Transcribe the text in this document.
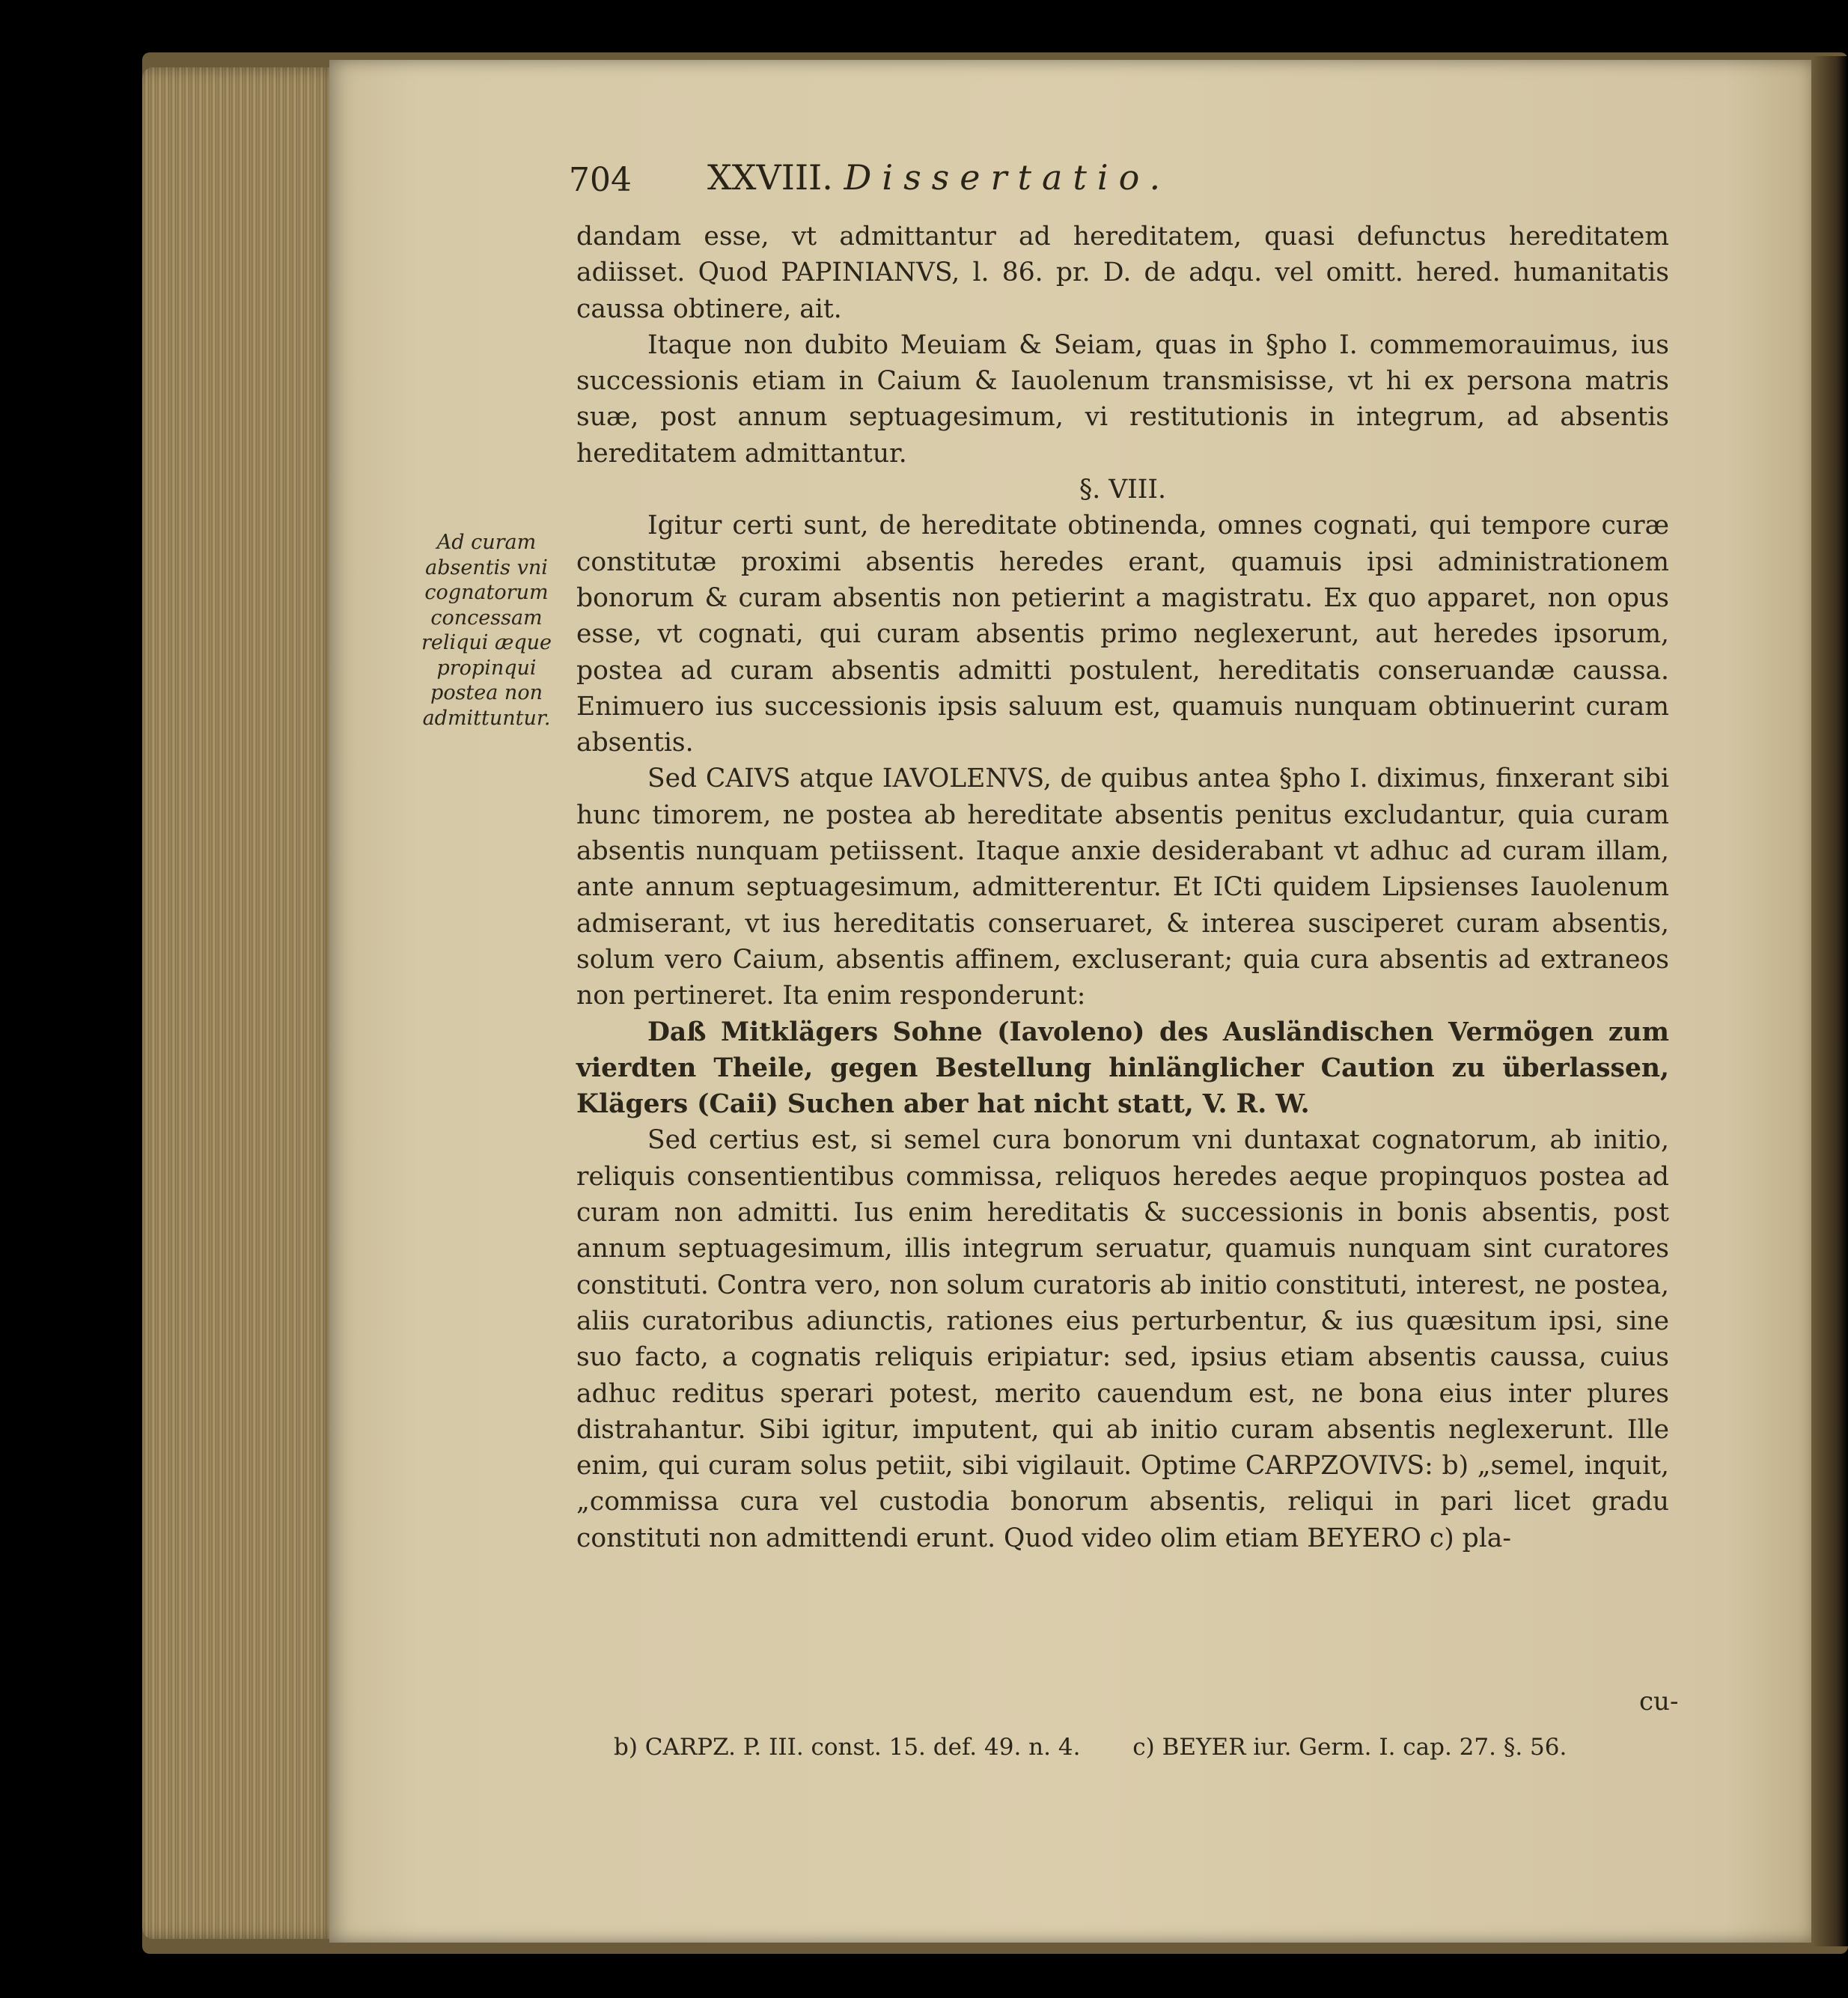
704 XXVIII. Dissertatio.

dandam esse, vt admittantur ad hereditatem, quasi defunctus hereditatem adiisset. Quod PAPINIANVS, l. 86. pr. D. de adqu. vel omitt. hered. humanitatis caussa obtinere, ait.

Itaque non dubito Meuiam & Seiam, quas in §pho I. commemorauimus, ius successionis etiam in Caium & Iauolenum transmisisse, vt hi ex persona matris suæ, post annum septuagesimum, vi restitutionis in integrum, ad absentis hereditatem admittantur.

§. VIII.

Igitur certi sunt, de hereditate obtinenda, omnes cognati, qui tempore curæ constitutæ proximi absentis heredes erant, quamuis ipsi administrationem bonorum & curam absentis non petierint a magistratu. Ex quo apparet, non opus esse, vt cognati, qui curam absentis primo neglexerunt, aut heredes ipsorum, postea ad curam absentis admitti postulent, hereditatis conseruandæ caussa. Enimuero ius successionis ipsis saluum est, quamuis nunquam obtinuerint curam absentis.

Sed CAIVS atque IAVOLENVS, de quibus antea §pho I. diximus, finxerant sibi hunc timorem, ne postea ab hereditate absentis penitus excludantur, quia curam absentis nunquam petiissent. Itaque anxie desiderabant vt adhuc ad curam illam, ante annum septuagesimum, admitterentur. Et ICti quidem Lipsienses Iauolenum admiserant, vt ius hereditatis conseruaret, & interea susciperet curam absentis, solum vero Caium, absentis affinem, excluserant; quia cura absentis ad extraneos non pertineret. Ita enim responderunt:

Daß Mitklägers Sohne (Iavoleno) des Ausländischen Vermögen zum vierdten Theile, gegen Bestellung hinlänglicher Caution zu überlassen, Klägers (Caii) Suchen aber hat nicht statt, V. R. W.

Sed certius est, si semel cura bonorum vni duntaxat cognatorum, ab initio, reliquis consentientibus commissa, reliquos heredes aeque propinquos postea ad curam non admitti. Ius enim hereditatis & successionis in bonis absentis, post annum septuagesimum, illis integrum seruatur, quamuis nunquam sint curatores constituti. Contra vero, non solum curatoris ab initio constituti, interest, ne postea, aliis curatoribus adiunctis, rationes eius perturbentur, & ius quæsitum ipsi, sine suo facto, a cognatis reliquis eripiatur: sed, ipsius etiam absentis caussa, cuius adhuc reditus sperari potest, merito cauendum est, ne bona eius inter plures distrahantur. Sibi igitur, imputent, qui ab initio curam absentis neglexerunt. Ille enim, qui curam solus petiit, sibi vigilauit. Optime CARPZOVIVS: b) „semel, inquit, „commissa cura vel custodia bonorum absentis, reliqui in pari licet gradu constituti non admittendi erunt. Quod video olim etiam BEYERO c) pla-

cu-
Ad curam absentis vni cognatorum concessam reliqui æque propinqui postea non admittuntur.
b) CARPZ. P. III. const. 15. def. 49. n. 4. c) BEYER iur. Germ. I. cap. 27. §. 56.
